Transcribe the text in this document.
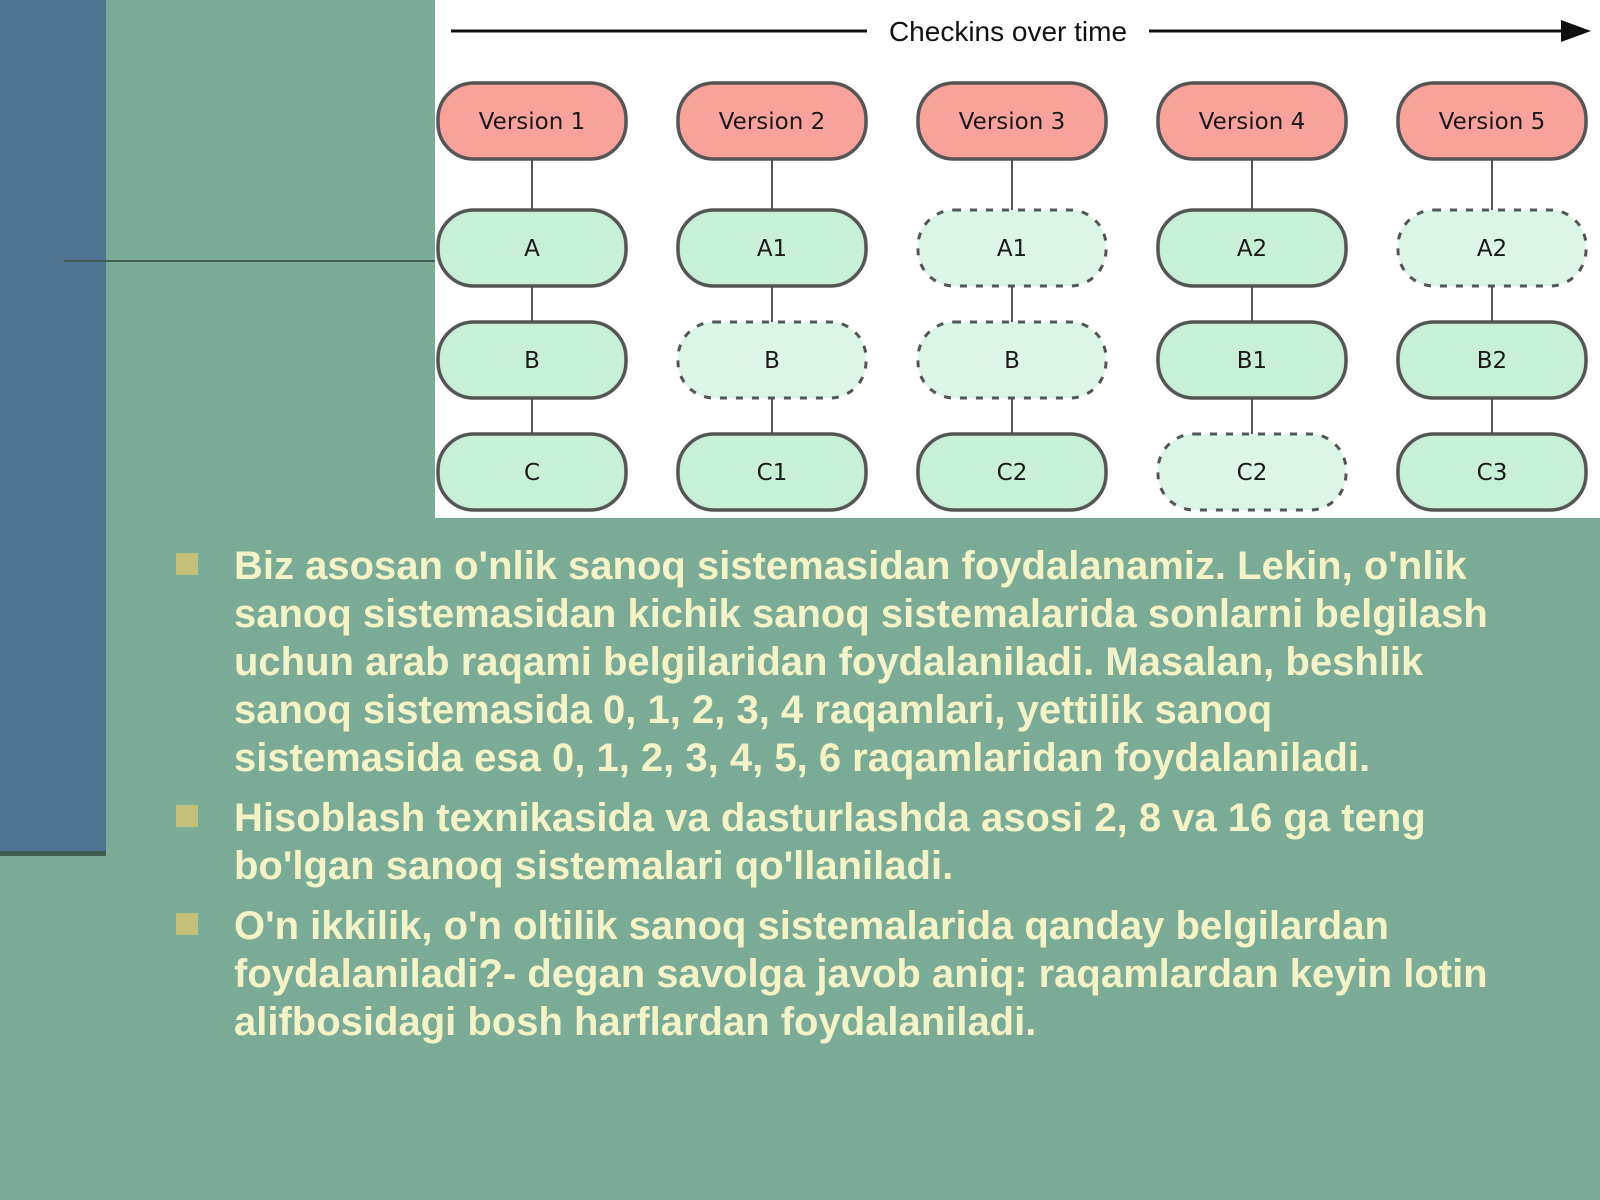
Checkins over time
Version 1
A
B
C
Version 2
A1
B
C1
Version 3
A1
B
C2
Version 4
A2
B1
C2
Version 5
A2
B2
C3
Biz asosan o'nlik sanoq sistemasidan foydalanamiz. Lekin, o'nlik sanoq sistemasidan kichik sanoq sistemalarida sonlarni belgilash uchun arab raqami belgilaridan foydalaniladi. Masalan, beshlik sanoq sistemasida 0, 1, 2, 3, 4 raqamlari, yettilik sanoq sistemasida esa 0, 1, 2, 3, 4, 5, 6 raqamlaridan foydalaniladi.
Hisoblash texnikasida va dasturlashda asosi 2, 8 va 16 ga teng bo'lgan sanoq sistemalari qo'llaniladi.
O'n ikkilik, o'n oltilik sanoq sistemalarida qanday belgilardan foydalaniladi?- degan savolga javob aniq: raqamlardan keyin lotin alifbosidagi bosh harflardan foydalaniladi.
